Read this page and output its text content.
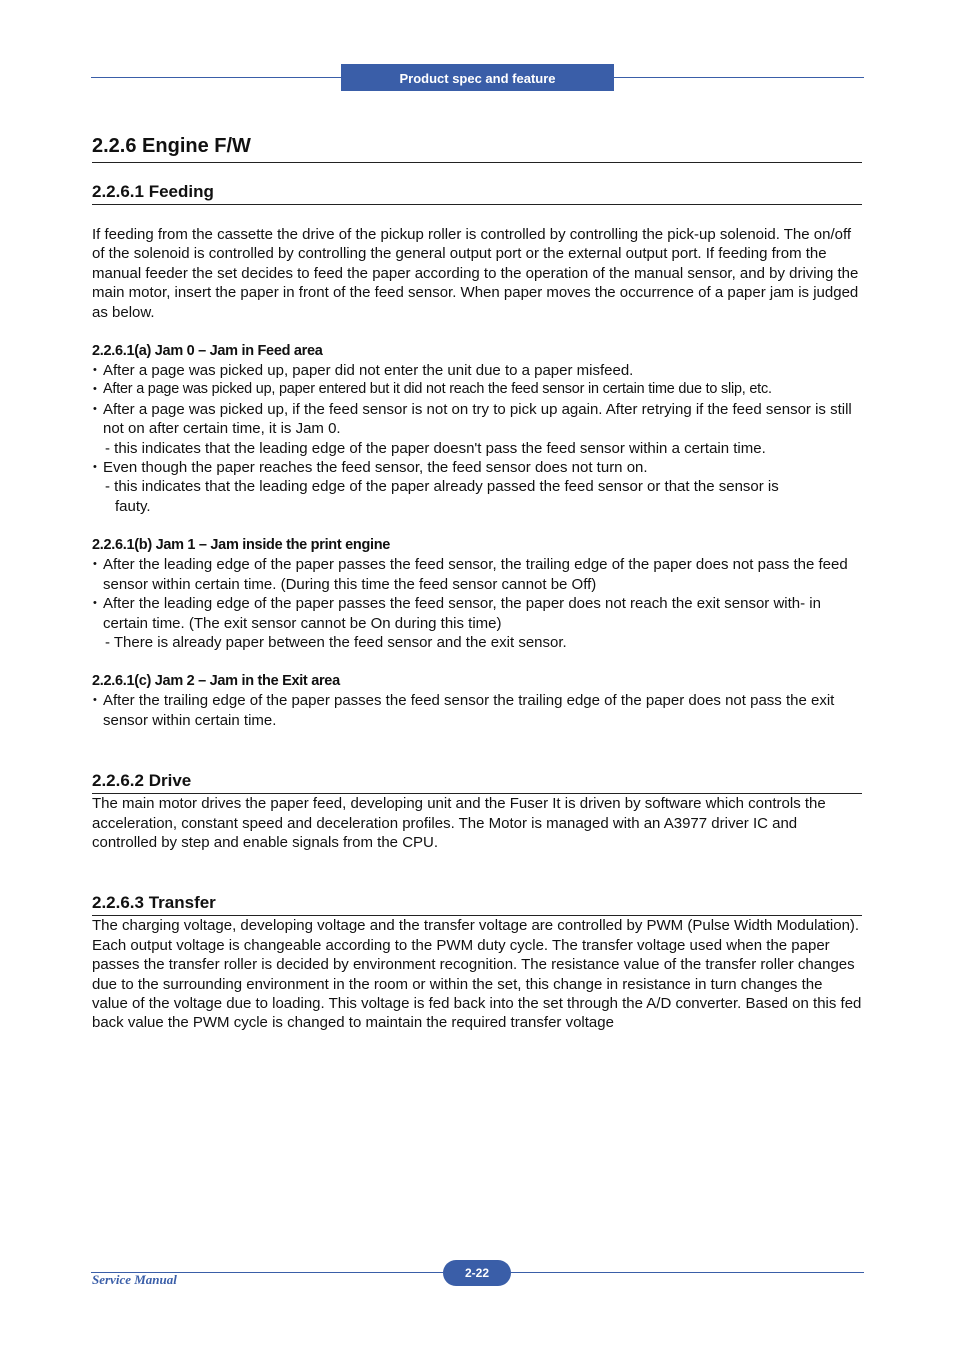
Product spec and feature
2.2.6 Engine F/W
2.2.6.1 Feeding

If feeding from the cassette the drive of the pickup roller is controlled by controlling the pick-up solenoid. The on/off of the solenoid is controlled by controlling the general output port or the external output port. If feeding from the manual feeder the set decides to feed the paper according to the operation of the manual sensor, and by driving the main motor, insert the paper in front of the feed sensor. When paper moves the occurrence of a paper jam is judged as below.

2.2.6.1(a) Jam 0 – Jam in Feed area
• After a page was picked up, paper did not enter the unit due to a paper misfeed.
• After a page was picked up, paper entered but it did not reach the feed sensor in certain time due to slip, etc.
• After a page was picked up, if the feed sensor is not on try to pick up again. After retrying if the feed sensor is still not on after certain time, it is Jam 0.
- this indicates that the leading edge of the paper doesn't pass the feed sensor within a certain time.
• Even though the paper reaches the feed sensor, the feed sensor does not turn on.
- this indicates that the leading edge of the paper already passed the feed sensor or that the sensor is
fauty.
2.2.6.1(b) Jam 1 – Jam inside the print engine
• After the leading edge of the paper passes the feed sensor, the trailing edge of the paper does not pass the feed sensor within certain time. (During this time the feed sensor cannot be Off)
• After the leading edge of the paper passes the feed sensor, the paper does not reach the exit sensor with- in certain time. (The exit sensor cannot be On during this time)
- There is already paper between the feed sensor and the exit sensor.
2.2.6.1(c) Jam 2 – Jam in the Exit area
• After the trailing edge of the paper passes the feed sensor the trailing edge of the paper does not pass the exit sensor within certain time.
2.2.6.2 Drive

The main motor drives the paper feed, developing unit and the Fuser It is driven by software which controls the acceleration, constant speed and deceleration profiles. The Motor is managed with an A3977 driver IC and controlled by step and enable signals from the CPU.

2.2.6.3 Transfer

The charging voltage, developing voltage and the transfer voltage are controlled by PWM (Pulse Width Modulation). Each output voltage is changeable according to the PWM duty cycle. The transfer voltage used when the paper passes the transfer roller is decided by environment recognition. The resistance value of the transfer roller changes due to the surrounding environment in the room or within the set, this change in resistance in turn changes the value of the voltage due to loading. This voltage is fed back into the set through the A/D converter. Based on this fed back value the PWM cycle is changed to maintain the required transfer voltage

Service Manual	2-22
